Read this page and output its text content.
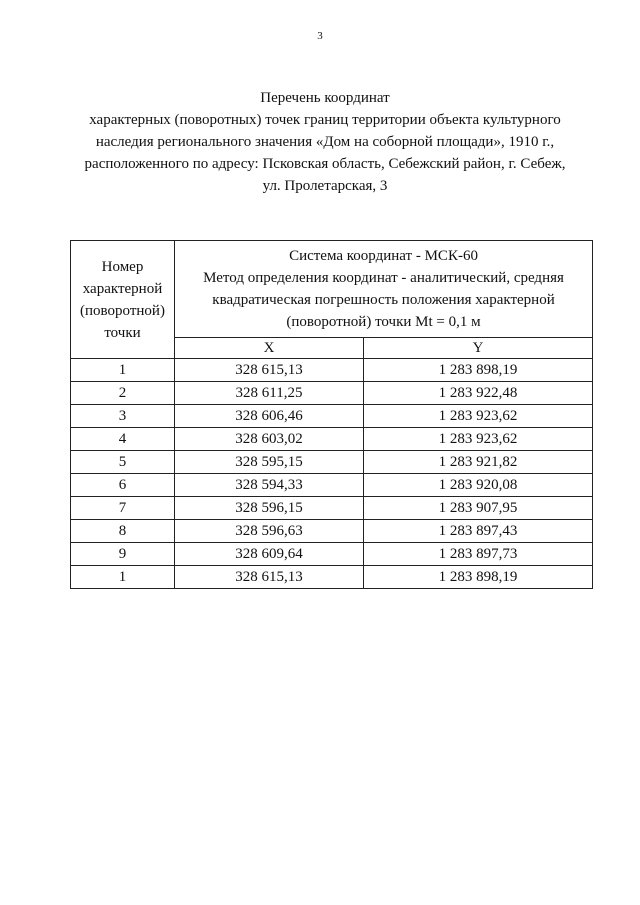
3
Перечень координат
характерных (поворотных) точек границ территории объекта культурного
наследия регионального значения «Дом на соборной площади», 1910 г.,
расположенного по адресу: Псковская область, Себежский район, г. Себеж,
ул. Пролетарская, 3
Номер
характерной
(поворотной)
точки	Система координат - МСК-60
Метод определения координат - аналитический, средняя
квадратическая погрешность положения характерной
(поворотной) точки Mt = 0,1 м	

	X	Y
1	328 615,13	1 283 898,19
2	328 611,25	1 283 922,48
3	328 606,46	1 283 923,62
4	328 603,02	1 283 923,62
5	328 595,15	1 283 921,82
6	328 594,33	1 283 920,08
7	328 596,15	1 283 907,95
8	328 596,63	1 283 897,43
9	328 609,64	1 283 897,73
1	328 615,13	1 283 898,19
